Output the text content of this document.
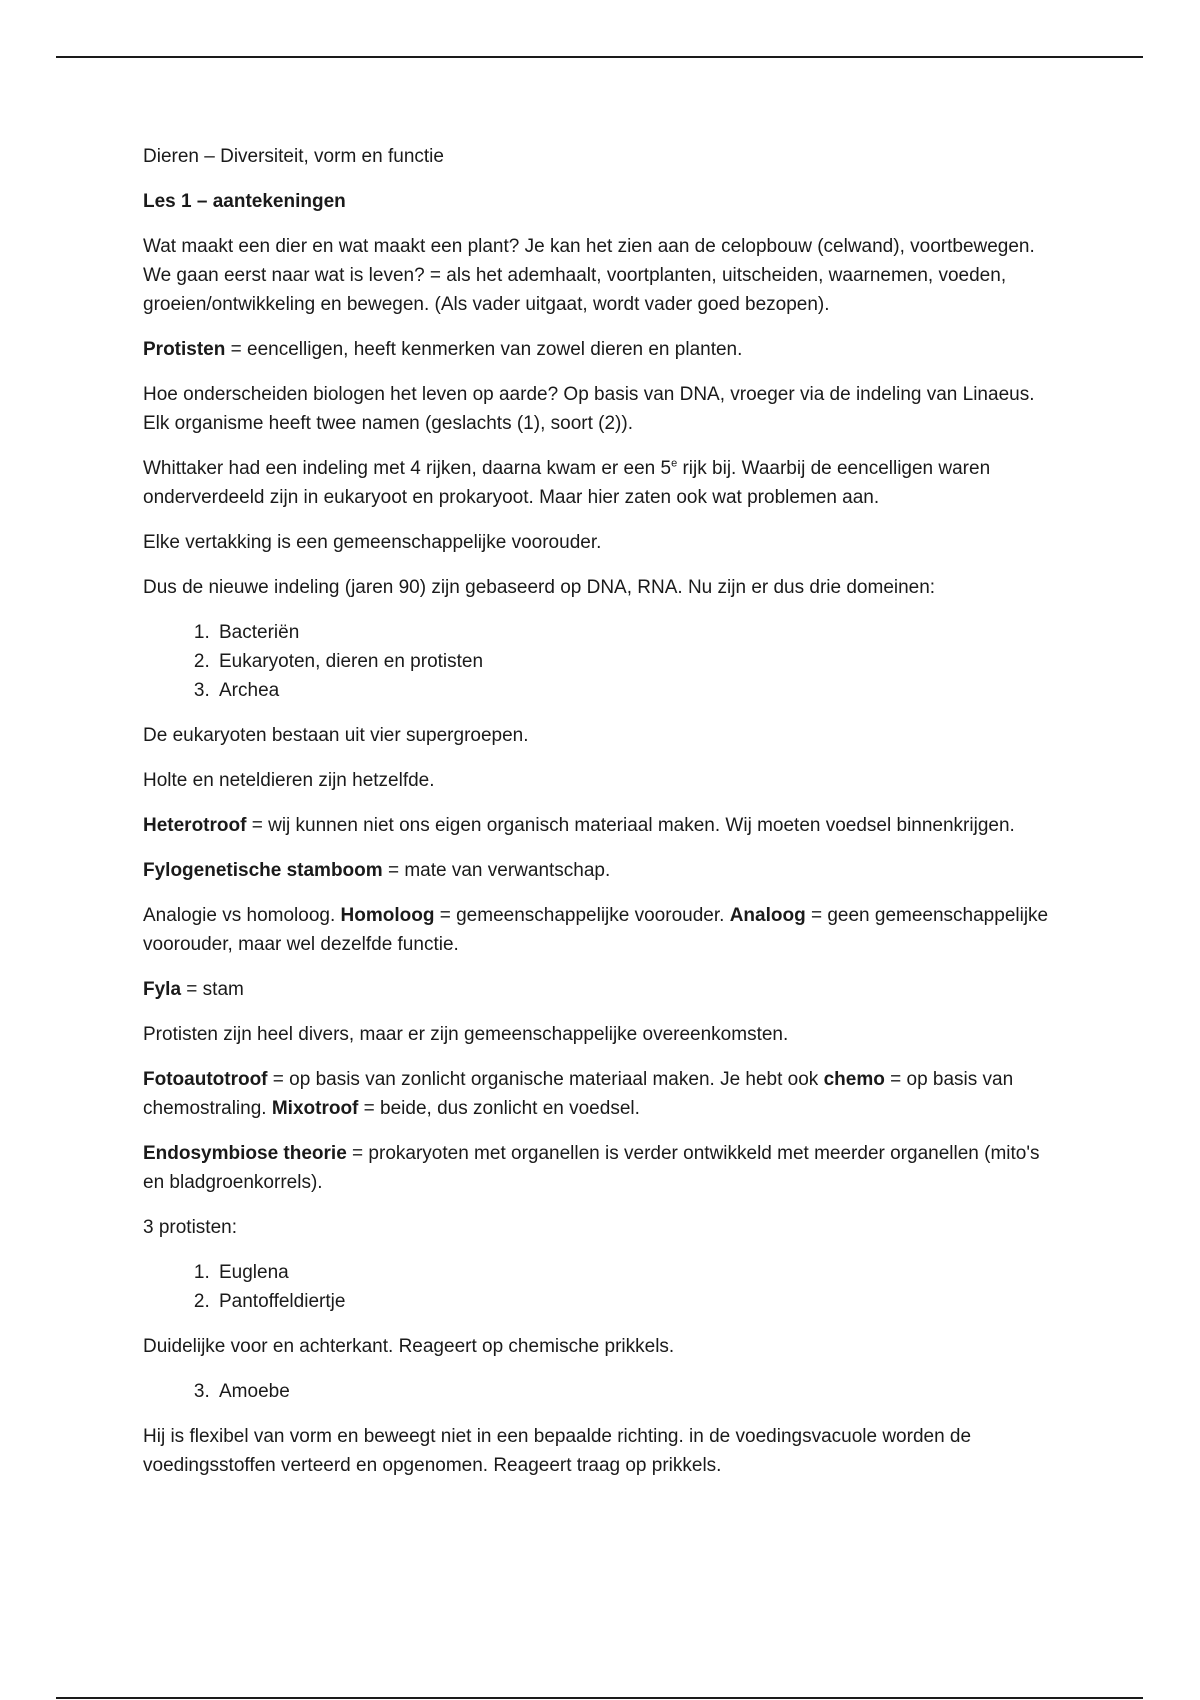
Dieren – Diversiteit, vorm en functie

Les 1 – aantekeningen

Wat maakt een dier en wat maakt een plant? Je kan het zien aan de celopbouw (celwand), voortbewegen. We gaan eerst naar wat is leven? = als het ademhaalt, voortplanten, uitscheiden, waarnemen, voeden, groeien/ontwikkeling en bewegen. (Als vader uitgaat, wordt vader goed bezopen).

Protisten = eencelligen, heeft kenmerken van zowel dieren en planten.

Hoe onderscheiden biologen het leven op aarde? Op basis van DNA, vroeger via de indeling van Linaeus. Elk organisme heeft twee namen (geslachts (1), soort (2)).

Whittaker had een indeling met 4 rijken, daarna kwam er een 5e rijk bij. Waarbij de eencelligen waren onderverdeeld zijn in eukaryoot en prokaryoot. Maar hier zaten ook wat problemen aan.

Elke vertakking is een gemeenschappelijke voorouder.

Dus de nieuwe indeling (jaren 90) zijn gebaseerd op DNA, RNA. Nu zijn er dus drie domeinen:

1. Bacteriën
2. Eukaryoten, dieren en protisten
3. Archea

De eukaryoten bestaan uit vier supergroepen.

Holte en neteldieren zijn hetzelfde.

Heterotroof = wij kunnen niet ons eigen organisch materiaal maken. Wij moeten voedsel binnenkrijgen.

Fylogenetische stamboom = mate van verwantschap.

Analogie vs homoloog. Homoloog = gemeenschappelijke voorouder. Analoog = geen gemeenschappelijke voorouder, maar wel dezelfde functie.

Fyla = stam

Protisten zijn heel divers, maar er zijn gemeenschappelijke overeenkomsten.

Fotoautotroof = op basis van zonlicht organische materiaal maken. Je hebt ook chemo = op basis van chemostraling. Mixotroof = beide, dus zonlicht en voedsel.

Endosymbiose theorie = prokaryoten met organellen is verder ontwikkeld met meerder organellen (mito's en bladgroenkorrels).

3 protisten:

1. Euglena
2. Pantoffeldiertje

Duidelijke voor en achterkant. Reageert op chemische prikkels.

3. Amoebe

Hij is flexibel van vorm en beweegt niet in een bepaalde richting. in de voedingsvacuole worden de voedingsstoffen verteerd en opgenomen. Reageert traag op prikkels.
